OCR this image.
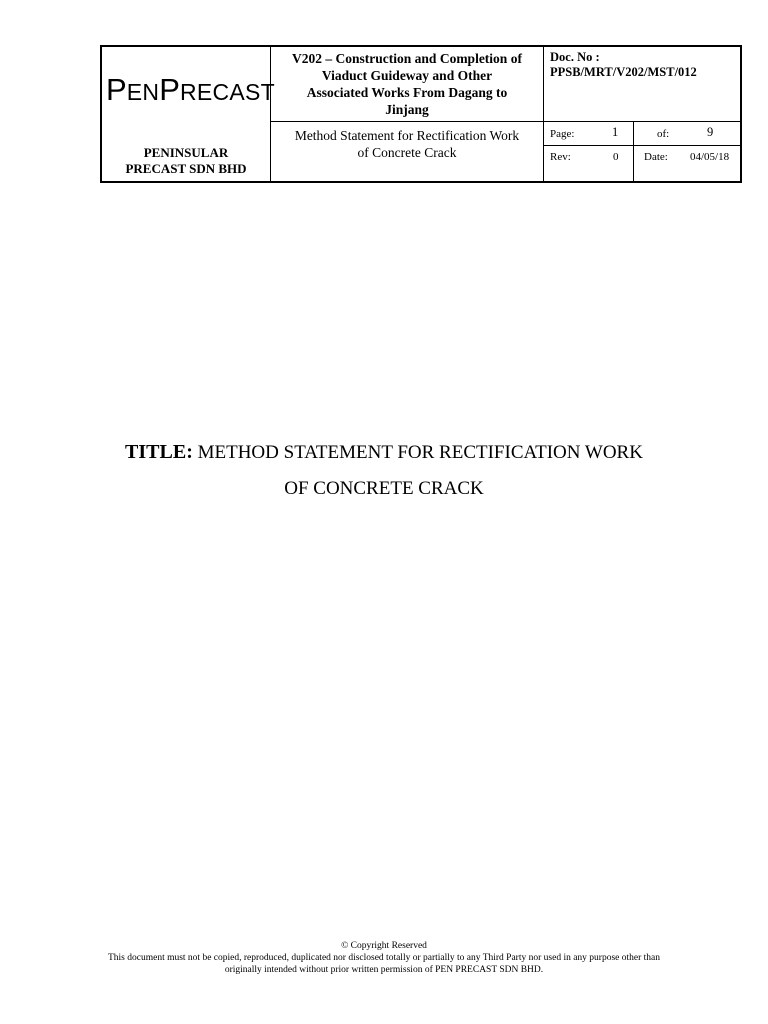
PENPRECAST
PENINSULAR
PRECAST SDN BHD
V202 – Construction and Completion of
Viaduct Guideway and Other
Associated Works From Dagang to
Jinjang
Method Statement for Rectification Work
of Concrete Crack
Doc. No :
PPSB/MRT/V202/MST/012
Page:	1	of:	9
Rev:	0 Date: 04/05/18
TITLE: METHOD STATEMENT FOR RECTIFICATION WORK
OF CONCRETE CRACK
© Copyright Reserved
This document must not be copied, reproduced, duplicated nor disclosed totally or partially to any Third Party nor used in any purpose other than
originally intended without prior written permission of PEN PRECAST SDN BHD.
